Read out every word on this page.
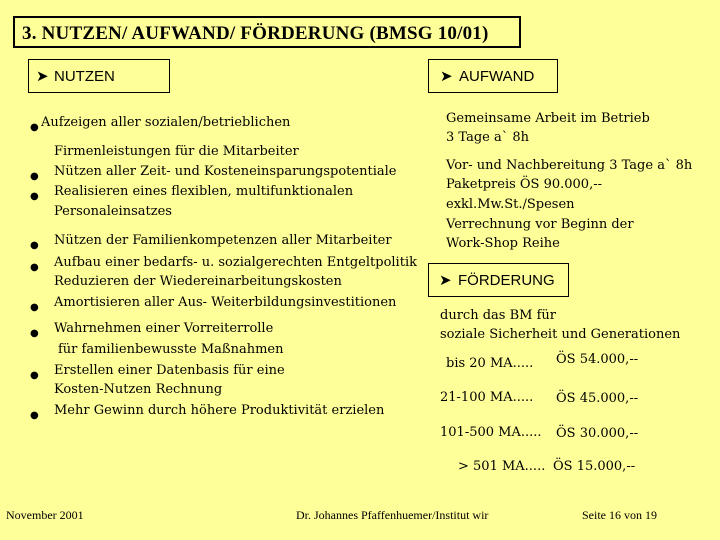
3. NUTZEN/ AUFWAND/ FÖRDERUNG (BMSG 10/01)
➤ NUTZEN	➤ AUFWAND
● Aufzeigen aller sozialen/betrieblichen
Firmenleistungen für die Mitarbeiter
● Nützen aller Zeit- und Kosteneinsparungspotentiale
● Realisieren eines flexiblen, multifunktionalen
Personaleinsatzes
● Nützen der Familienkompetenzen aller Mitarbeiter
● Aufbau einer bedarfs- u. sozialgerechten Entgeltpolitik
Reduzieren der Wiedereinarbeitungskosten
● Amortisieren aller Aus- Weiterbildungsinvestitionen
● Wahrnehmen einer Vorreiterrolle
für familienbewusste Maßnahmen
● Erstellen einer Datenbasis für eine
Kosten-Nutzen Rechnung
● Mehr Gewinn durch höhere Produktivität erzielen
Gemeinsame Arbeit im Betrieb
3 Tage a` 8h
Vor- und Nachbereitung 3 Tage a` 8h
Paketpreis ÖS 90.000,--
exkl.Mw.St./Spesen
Verrechnung vor Beginn der
Work-Shop Reihe
➤ FÖRDERUNG
durch das BM für
soziale Sicherheit und Generationen
bis 20 MA..... ÖS 54.000,--
21-100 MA..... ÖS 45.000,--
101-500 MA..... ÖS 30.000,--
> 501 MA..... ÖS 15.000,--
November 2001	Dr. Johannes Pfaffenhuemer/Institut wir	Seite 16 von 19
